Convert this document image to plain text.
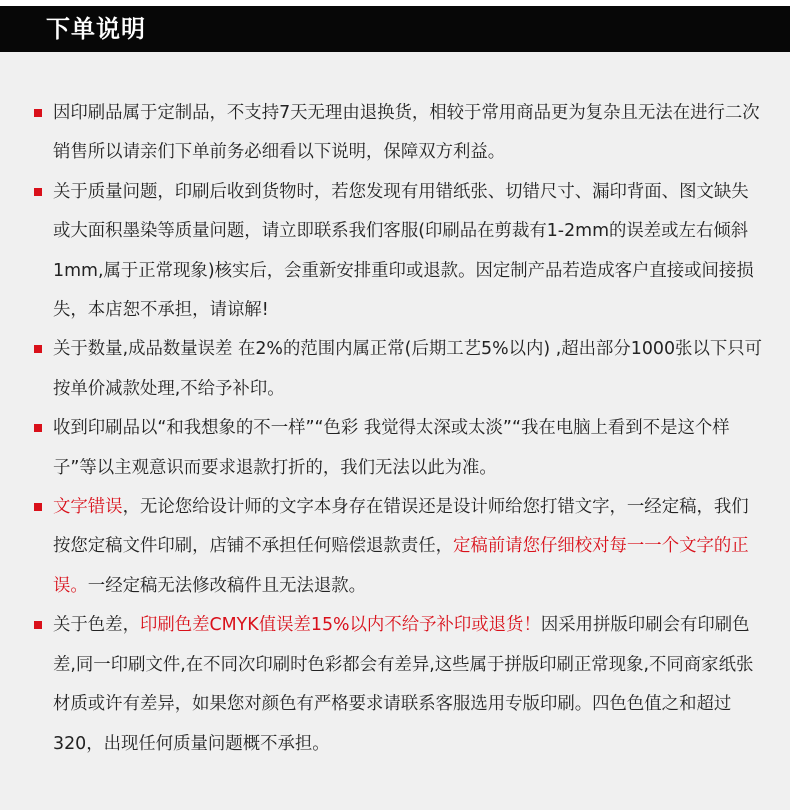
下单说明
因印刷品属于定制品，不支持7天无理由退换货，相较于常用商品更为复杂且无法在进行二次销售所以请亲们下单前务必细看以下说明，保障双方利益。
关于质量问题，印刷后收到货物时，若您发现有用错纸张、切错尺寸、漏印背面、图文缺失或大面积墨染等质量问题，请立即联系我们客服(印刷品在剪裁有1-2mm的误差或左右倾斜1mm,属于正常现象)核实后，会重新安排重印或退款。因定制产品若造成客户直接或间接损失，本店恕不承担，请谅解!
关于数量,成品数量误差 在2%的范围内属正常(后期工艺5%以内) ,超出部分1000张以下只可按单价减款处理,不给予补印。
收到印刷品以“和我想象的不一样”“色彩 我觉得太深或太淡”“我在电脑上看到不是这个样子”等以主观意识而要求退款打折的，我们无法以此为准。
文字错误，无论您给设计师的文字本身存在错误还是设计师给您打错文字，一经定稿，我们按您定稿文件印刷，店铺不承担任何赔偿退款责任，定稿前请您仔细校对每一一个文字的正误。一经定稿无法修改稿件且无法退款。
关于色差，印刷色差CMYK值误差15%以内不给予补印或退货！因采用拼版印刷会有印刷色差,同一印刷文件,在不同次印刷时色彩都会有差异,这些属于拼版印刷正常现象,不同商家纸张材质或许有差异，如果您对颜色有严格要求请联系客服选用专版印刷。四色色值之和超过320，出现任何质量问题概不承担。
